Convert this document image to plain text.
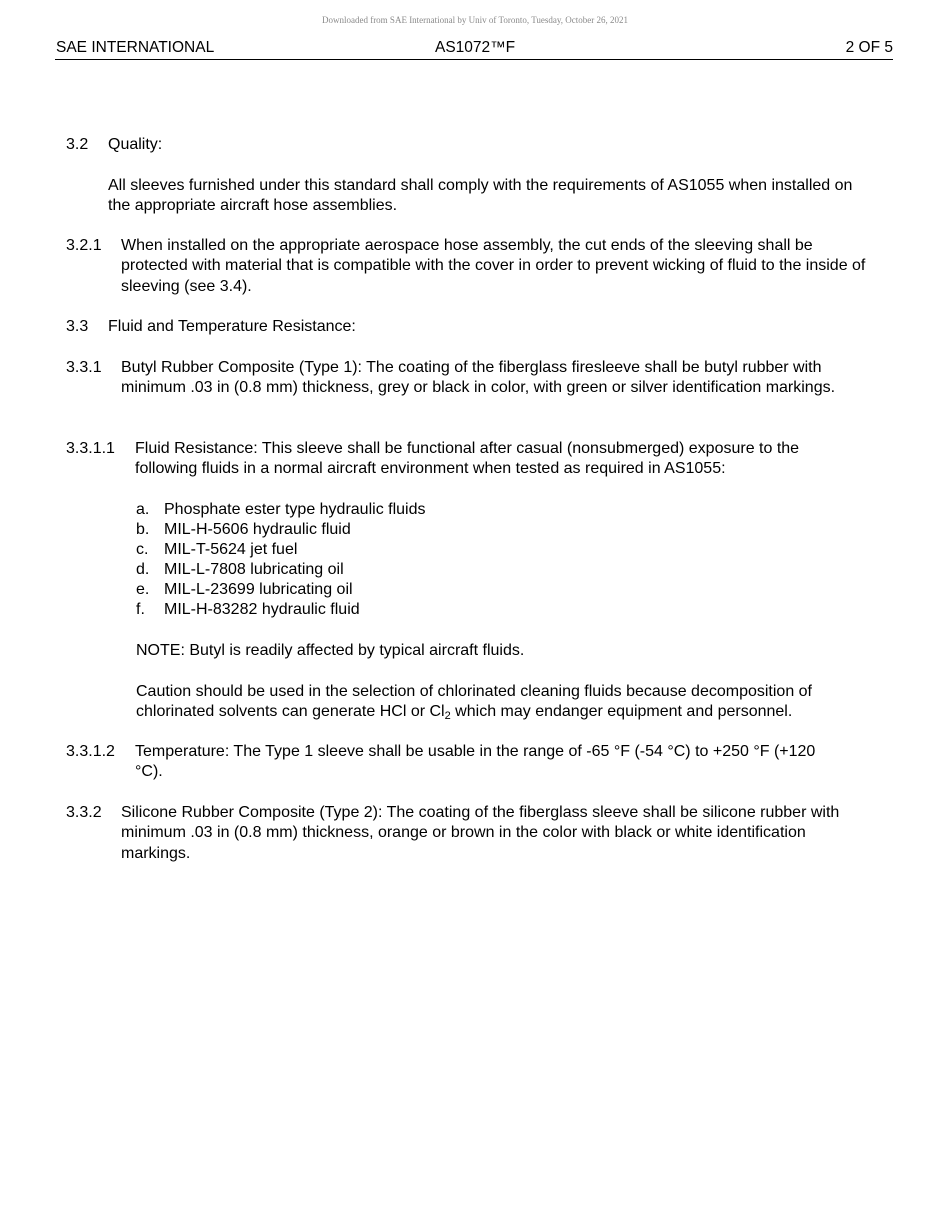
Downloaded from SAE International by Univ of Toronto, Tuesday, October 26, 2021
SAE INTERNATIONAL	AS1072™F	2 OF 5
3.2 Quality:
All sleeves furnished under this standard shall comply with the requirements of AS1055 when installed on the appropriate aircraft hose assemblies.
3.2.1 When installed on the appropriate aerospace hose assembly, the cut ends of the sleeving shall be protected with material that is compatible with the cover in order to prevent wicking of fluid to the inside of sleeving (see 3.4).
3.3 Fluid and Temperature Resistance:
3.3.1 Butyl Rubber Composite (Type 1): The coating of the fiberglass firesleeve shall be butyl rubber with minimum .03 in (0.8 mm) thickness, grey or black in color, with green or silver identification markings.
3.3.1.1 Fluid Resistance: This sleeve shall be functional after casual (nonsubmerged) exposure to the following fluids in a normal aircraft environment when tested as required in AS1055:
a. Phosphate ester type hydraulic fluids
b. MIL-H-5606 hydraulic fluid
c. MIL-T-5624 jet fuel
d. MIL-L-7808 lubricating oil
e. MIL-L-23699 lubricating oil
f. MIL-H-83282 hydraulic fluid
NOTE: Butyl is readily affected by typical aircraft fluids.
Caution should be used in the selection of chlorinated cleaning fluids because decomposition of chlorinated solvents can generate HCl or $Cl_2$ which may endanger equipment and personnel.
3.3.1.2 Temperature: The Type 1 sleeve shall be usable in the range of -65 °F (-54 °C) to +250 °F (+120 °C).
3.3.2 Silicone Rubber Composite (Type 2): The coating of the fiberglass sleeve shall be silicone rubber with minimum .03 in (0.8 mm) thickness, orange or brown in the color with black or white identification markings.
